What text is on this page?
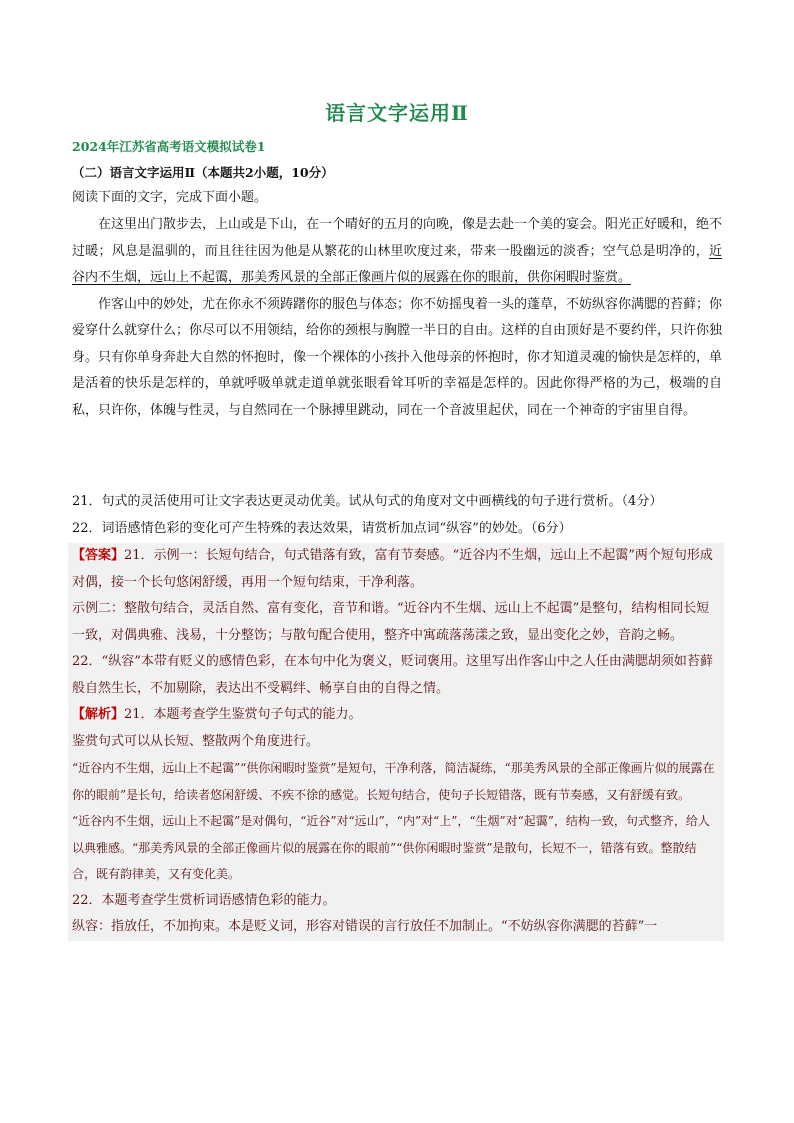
语言文字运用Ⅱ
2024年江苏省高考语文模拟试卷1
（二）语言文字运用Ⅱ（本题共2小题，10分）
阅读下面的文字，完成下面小题。

在这里出门散步去，上山或是下山，在一个晴好的五月的向晚，像是去赴一个美的宴会。阳光正好暖和，绝不过暖；风息是温驯的，而且往往因为他是从繁花的山林里吹度过来，带来一股幽远的淡香；空气总是明净的，近谷内不生烟，远山上不起霭，那美秀风景的全部正像画片似的展露在你的眼前，供你闲暇时鉴赏。

作客山中的妙处，尤在你永不须踌躇你的服色与体态；你不妨摇曳着一头的蓬草，不妨纵容你满腮的苔藓；你爱穿什么就穿什么；你尽可以不用领结，给你的颈根与胸膛一半日的自由。这样的自由顶好是不要约伴，只许你独身。只有你单身奔赴大自然的怀抱时，像一个裸体的小孩扑入他母亲的怀抱时，你才知道灵魂的愉快是怎样的，单是活着的快乐是怎样的，单就呼吸单就走道单就张眼看耸耳听的幸福是怎样的。因此你得严格的为己，极端的自私，只许你，体魄与性灵，与自然同在一个脉搏里跳动，同在一个音波里起伏，同在一个神奇的宇宙里自得。

21．句式的灵活使用可让文字表达更灵动优美。试从句式的角度对文中画横线的句子进行赏析。（4分）
22．词语感情色彩的变化可产生特殊的表达效果，请赏析加点词“纵容”的妙处。（6分）
【答案】21．示例一：长短句结合，句式错落有致，富有节奏感。“近谷内不生烟，远山上不起霭”两个短句形成对偶，接一个长句悠闲舒缓，再用一个短句结束，干净利落。
示例二：整散句结合，灵活自然、富有变化，音节和谐。“近谷内不生烟、远山上不起霭”是整句，结构相同长短一致，对偶典雅、浅易，十分整饬；与散句配合使用，整齐中寓疏落荡漾之致，显出变化之妙，音韵之畅。
22．“纵容”本带有贬义的感情色彩，在本句中化为褒义，贬词褒用。这里写出作客山中之人任由满腮胡须如苔藓般自然生长，不加剔除，表达出不受羁绊、畅享自由的自得之情。
【解析】21．本题考查学生鉴赏句子句式的能力。
鉴赏句式可以从长短、整散两个角度进行。
“近谷内不生烟，远山上不起霭”“供你闲暇时鉴赏”是短句，干净利落，简洁凝练，“那美秀风景的全部正像画片似的展露在你的眼前”是长句，给读者悠闲舒缓、不疾不徐的感觉。长短句结合，使句子长短错落，既有节奏感，又有舒缓有致。
“近谷内不生烟，远山上不起霭”是对偶句，“近谷”对“远山”，“内”对“上”，“生烟”对“起霭”，结构一致，句式整齐，给人以典雅感。“那美秀风景的全部正像画片似的展露在你的眼前”“供你闲暇时鉴赏”是散句，长短不一，错落有致。整散结合，既有韵律美，又有变化美。
22．本题考查学生赏析词语感情色彩的能力。
纵容：指放任，不加拘束。本是贬义词，形容对错误的言行放任不加制止。“不妨纵容你满腮的苔藓”一
